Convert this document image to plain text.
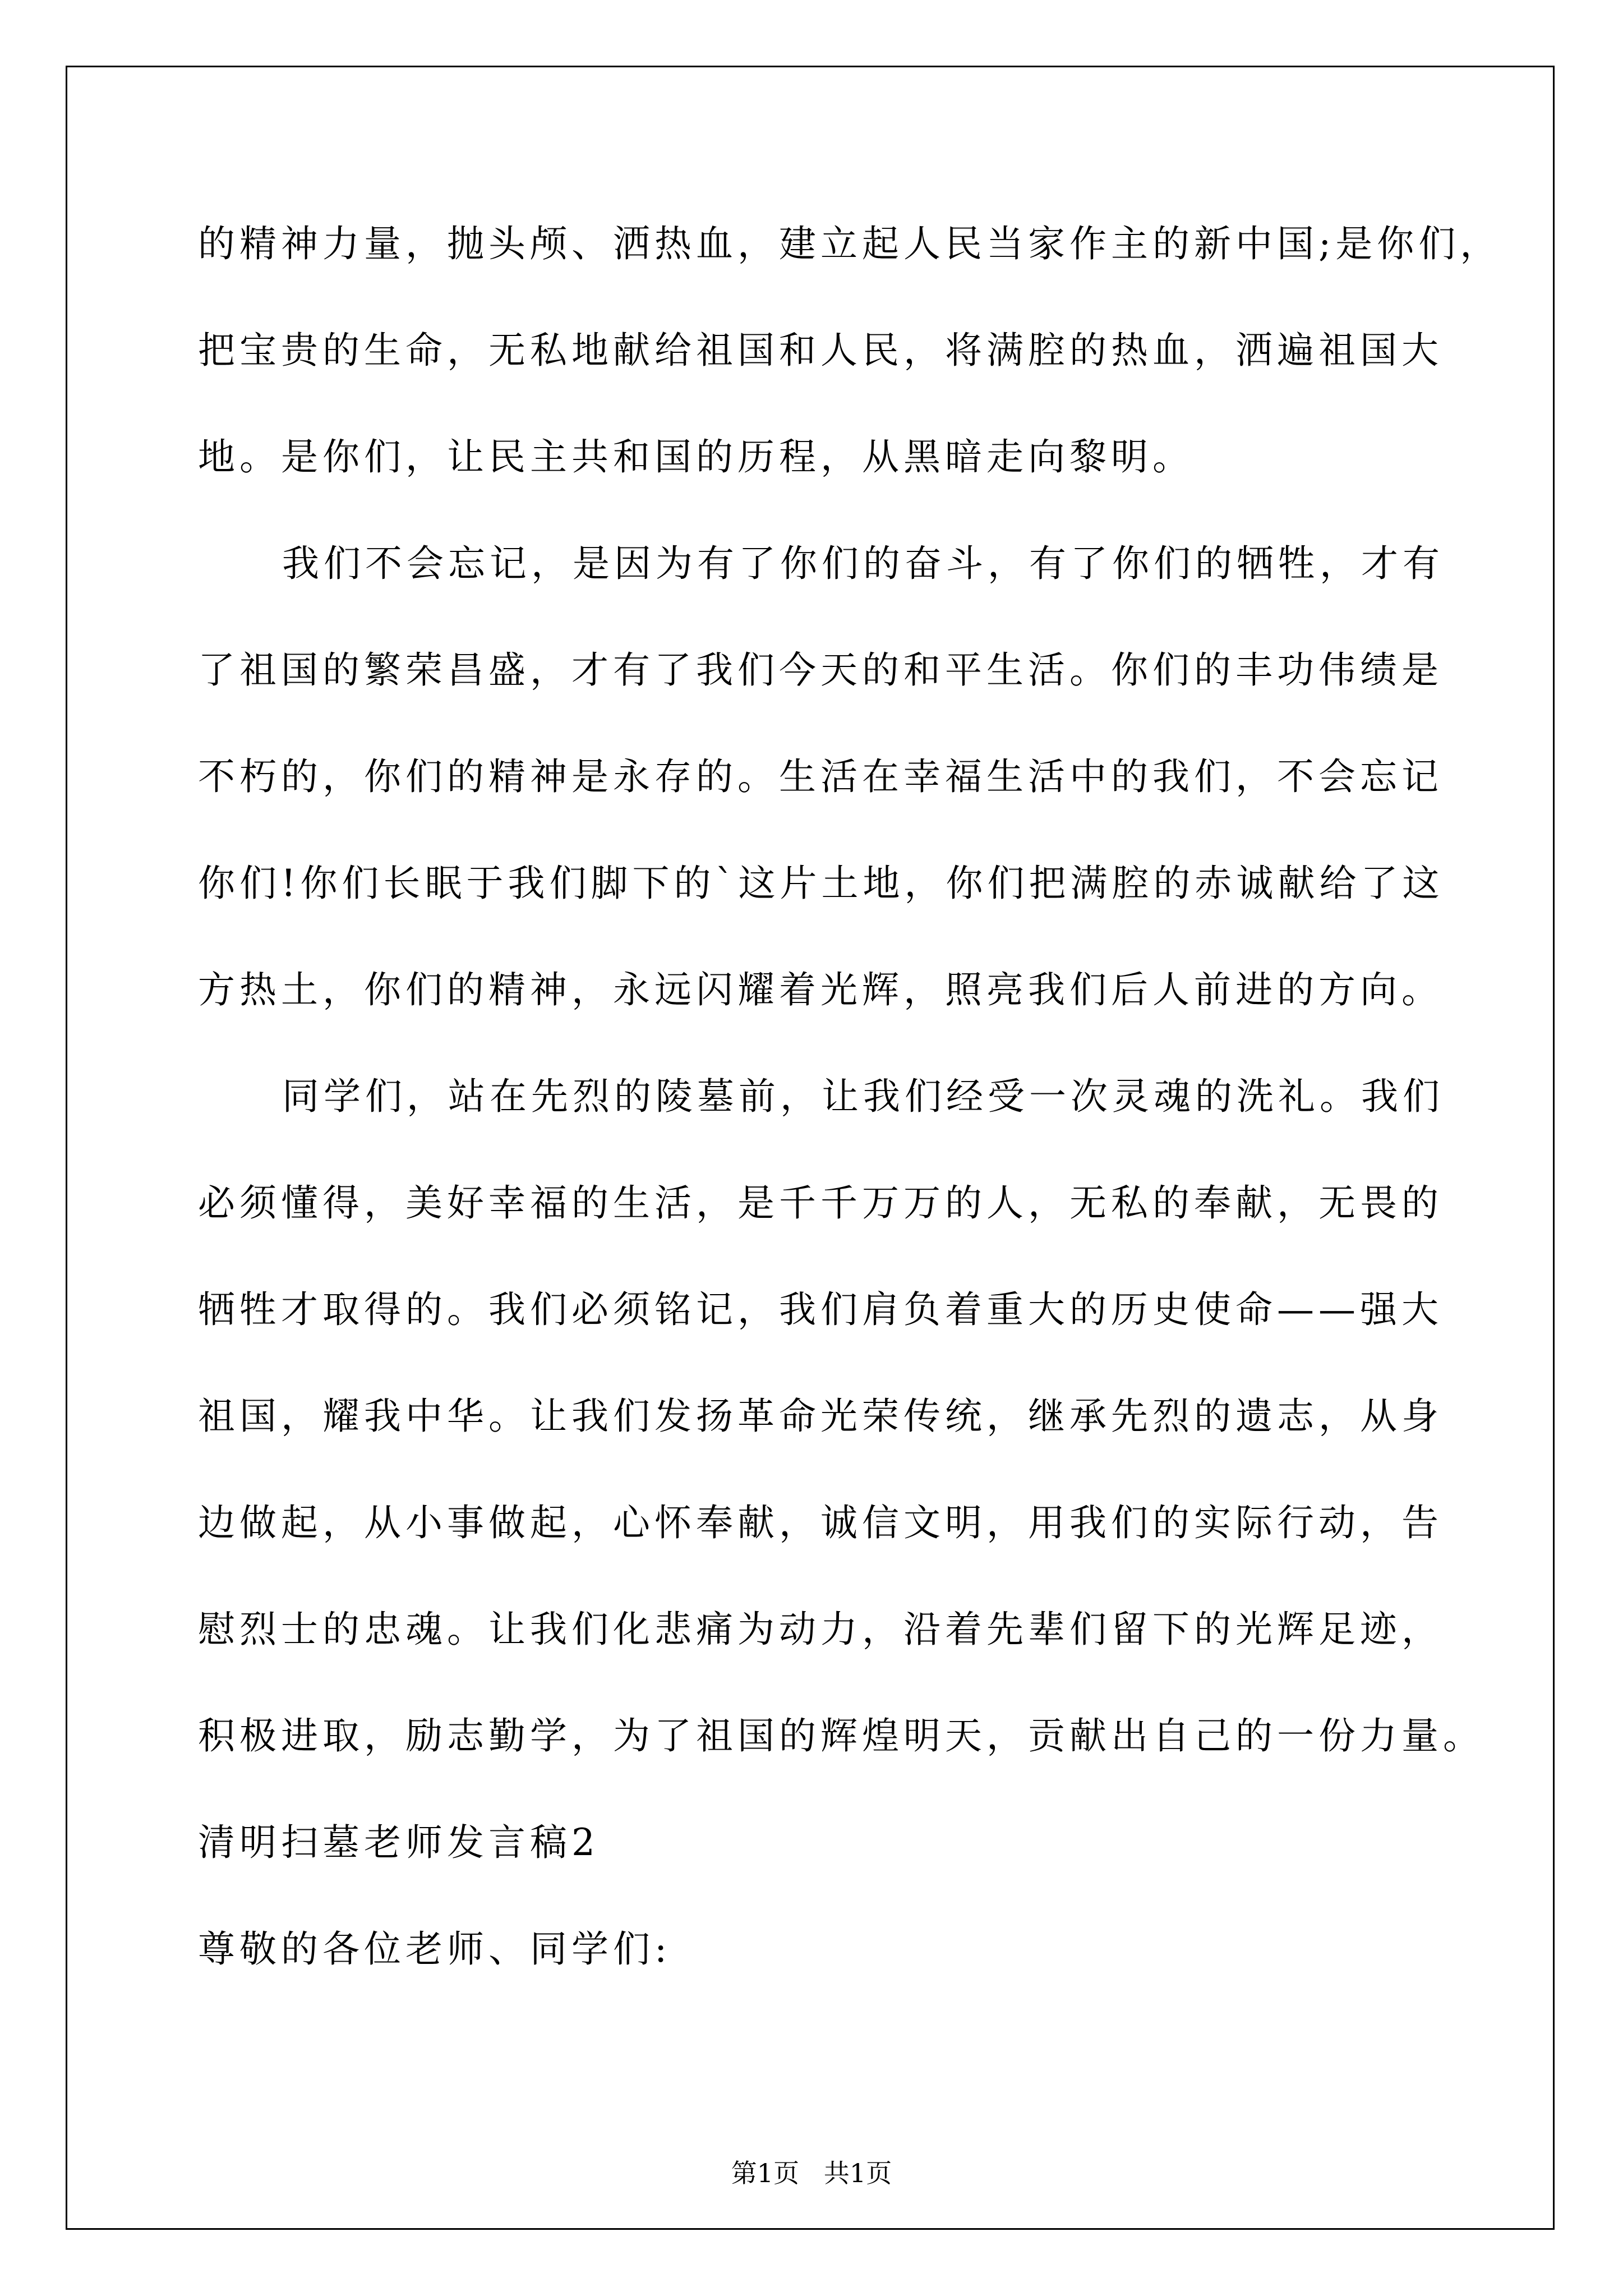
的精神力量，抛头颅、洒热血，建立起人民当家作主的新中国;是你们，
把宝贵的生命，无私地献给祖国和人民，将满腔的热血，洒遍祖国大
地。是你们，让民主共和国的历程，从黑暗走向黎明。
我们不会忘记，是因为有了你们的奋斗，有了你们的牺牲，才有
了祖国的繁荣昌盛，才有了我们今天的和平生活。你们的丰功伟绩是
不朽的，你们的精神是永存的。生活在幸福生活中的我们，不会忘记
你们!你们长眠于我们脚下的`这片土地，你们把满腔的赤诚献给了这
方热土，你们的精神，永远闪耀着光辉，照亮我们后人前进的方向。
同学们，站在先烈的陵墓前，让我们经受一次灵魂的洗礼。我们
必须懂得，美好幸福的生活，是千千万万的人，无私的奉献，无畏的
牺牲才取得的。我们必须铭记，我们肩负着重大的历史使命——强大
祖国，耀我中华。让我们发扬革命光荣传统，继承先烈的遗志，从身
边做起，从小事做起，心怀奉献，诚信文明，用我们的实际行动，告
慰烈士的忠魂。让我们化悲痛为动力，沿着先辈们留下的光辉足迹，
积极进取，励志勤学，为了祖国的辉煌明天，贡献出自己的一份力量。
清明扫墓老师发言稿2
尊敬的各位老师、同学们:
第1页   共1页
